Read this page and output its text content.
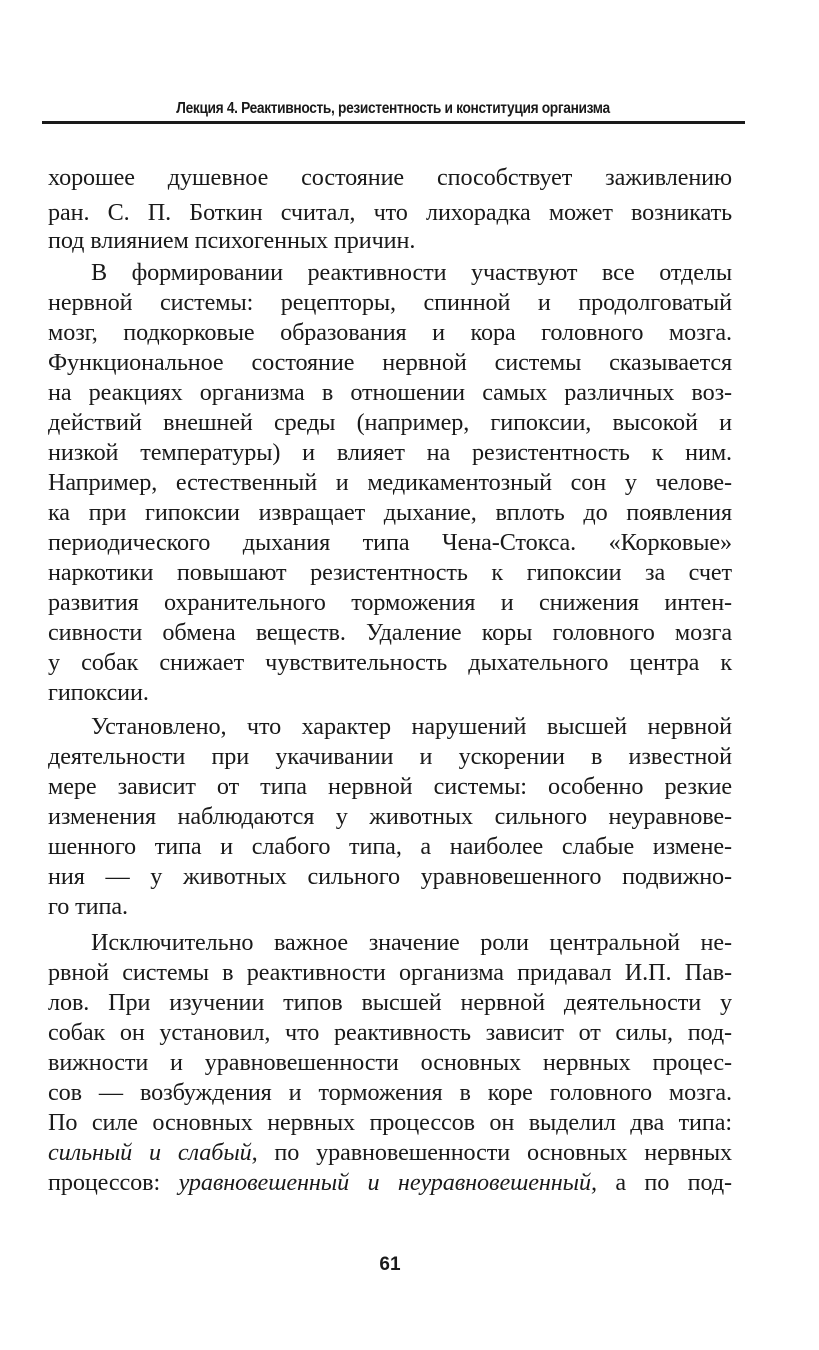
Лекция 4. Реактивность, резистентность и конституция организма
хорошее душевное состояние способствует заживлению
ран. С. П. Боткин считал, что лихорадка может возникать
под влиянием психогенных причин.
В формировании реактивности участвуют все отделы
нервной системы: рецепторы, спинной и продолговатый
мозг, подкорковые образования и кора головного мозга.
Функциональное состояние нервной системы сказывается
на реакциях организма в отношении самых различных воз-
действий внешней среды (например, гипоксии, высокой и
низкой температуры) и влияет на резистентность к ним.
Например, естественный и медикаментозный сон у челове-
ка при гипоксии извращает дыхание, вплоть до появления
периодического дыхания типа Чена-Стокса. «Корковые»
наркотики повышают резистентность к гипоксии за счет
развития охранительного торможения и снижения интен-
сивности обмена веществ. Удаление коры головного мозга
у собак снижает чувствительность дыхательного центра к
гипоксии.
Установлено, что характер нарушений высшей нервной
деятельности при укачивании и ускорении в известной
мере зависит от типа нервной системы: особенно резкие
изменения наблюдаются у животных сильного неуравнове-
шенного типа и слабого типа, а наиболее слабые измене-
ния — у животных сильного уравновешенного подвижно-
го типа.
Исключительно важное значение роли центральной не-
рвной системы в реактивности организма придавал И.П. Пав-
лов. При изучении типов высшей нервной деятельности у
собак он установил, что реактивность зависит от силы, под-
вижности и уравновешенности основных нервных процес-
сов — возбуждения и торможения в коре головного мозга.
По силе основных нервных процессов он выделил два типа:
сильный и слабый, по уравновешенности основных нервных
процессов: уравновешенный и неуравновешенный, а по под-
61
